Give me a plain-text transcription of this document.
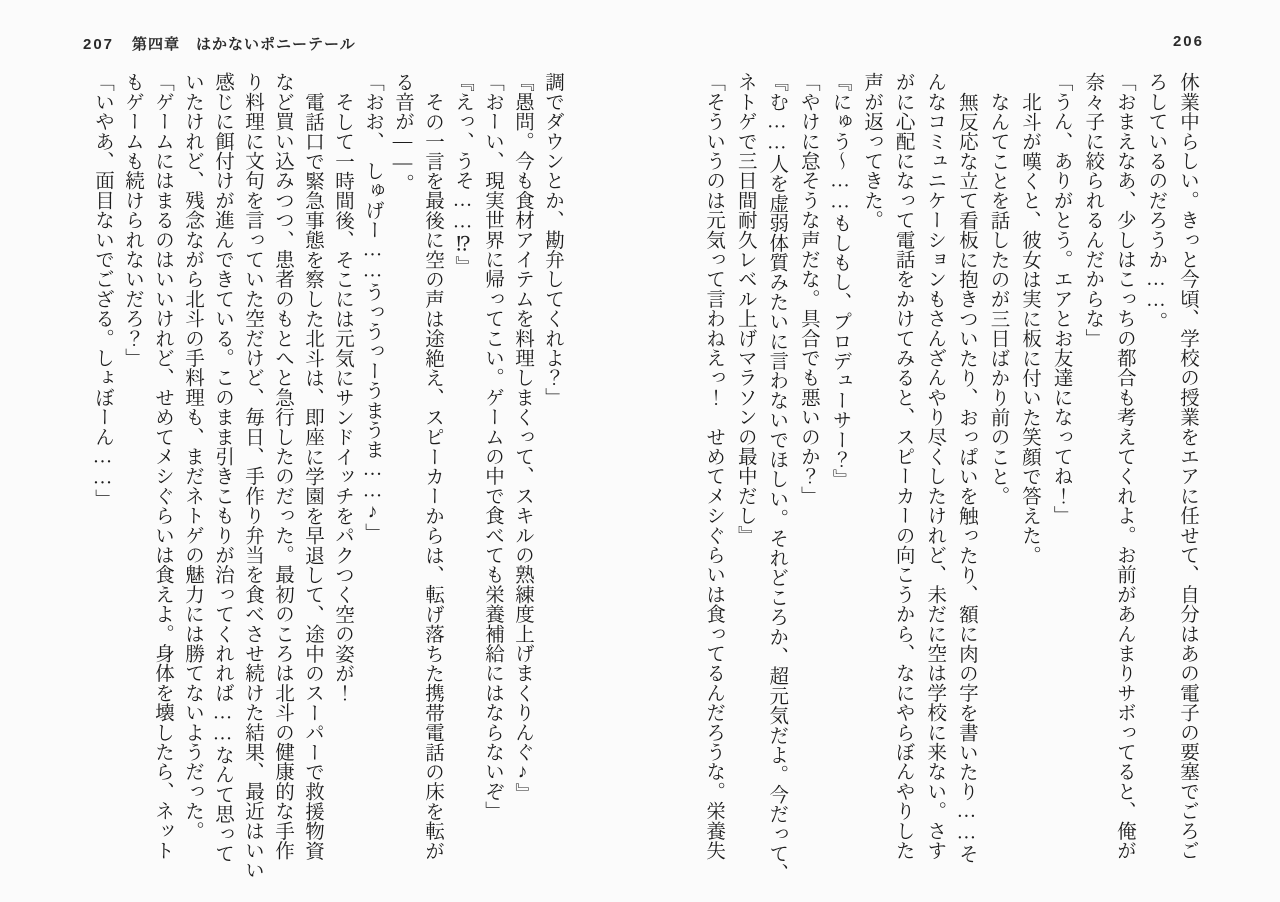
207 第四章　はかないポニーテール	206
休業中らしい。きっと今頃、学校の授業をエアに任せて、自分はあの電子の要塞でごろご
ろしているのだろうか……。
「おまえなあ、少しはこっちの都合も考えてくれよ。お前があんまりサボってると、俺が
奈々子に絞られるんだからな」
「うん、ありがとう。エアとお友達になってね！」
北斗が嘆くと、彼女は実に板に付いた笑顔で答えた。
なんてことを話したのが三日ばかり前のこと。
無反応な立て看板に抱きついたり、おっぱいを触ったり、額に肉の字を書いたり……そ
んなコミュニケーションもさんざんやり尽くしたけれど、未だに空は学校に来ない。さす
がに心配になって電話をかけてみると、スピーカーの向こうから、なにやらぼんやりした
声が返ってきた。
『にゅう〜……もしもし、プロデューサー？』
「やけに怠そうな声だな。具合でも悪いのか？」
『む……人を虚弱体質みたいに言わないでほしい。それどころか、超元気だよ。今だって、
ネトゲで三日間耐久レベル上げマラソンの最中だし』
「そういうのは元気って言わねえっ！　せめてメシぐらいは食ってるんだろうな。栄養失
調でダウンとか、勘弁してくれよ？」
『愚問。今も食材アイテムを料理しまくって、スキルの熟練度上げまくりんぐ♪』
「おーい、現実世界に帰ってこい。ゲームの中で食べても栄養補給にはならないぞ」
『えっ、うそ……⁉』
その一言を最後に空の声は途絶え、スピーカーからは、転げ落ちた携帯電話の床を転が
る音が――。
「おお、　しゅげー……うっうっーうまうま……♪」
そして一時間後、そこには元気にサンドイッチをパクつく空の姿が！
電話口で緊急事態を察した北斗は、即座に学園を早退して、途中のスーパーで救援物資
など買い込みつつ、患者のもとへと急行したのだった。最初のころは北斗の健康的な手作
り料理に文句を言っていた空だけど、毎日、手作り弁当を食べさせ続けた結果、最近はいい
感じに餌付けが進んできている。このまま引きこもりが治ってくれれば……なんて思って
いたけれど、残念ながら北斗の手料理も、まだネトゲの魅力には勝てないようだった。
「ゲームにはまるのはいいけれど、せめてメシぐらいは食えよ。身体を壊したら、ネット
もゲームも続けられないだろ？」
「いやあ、面目ないでござる。しょぼーん……」
